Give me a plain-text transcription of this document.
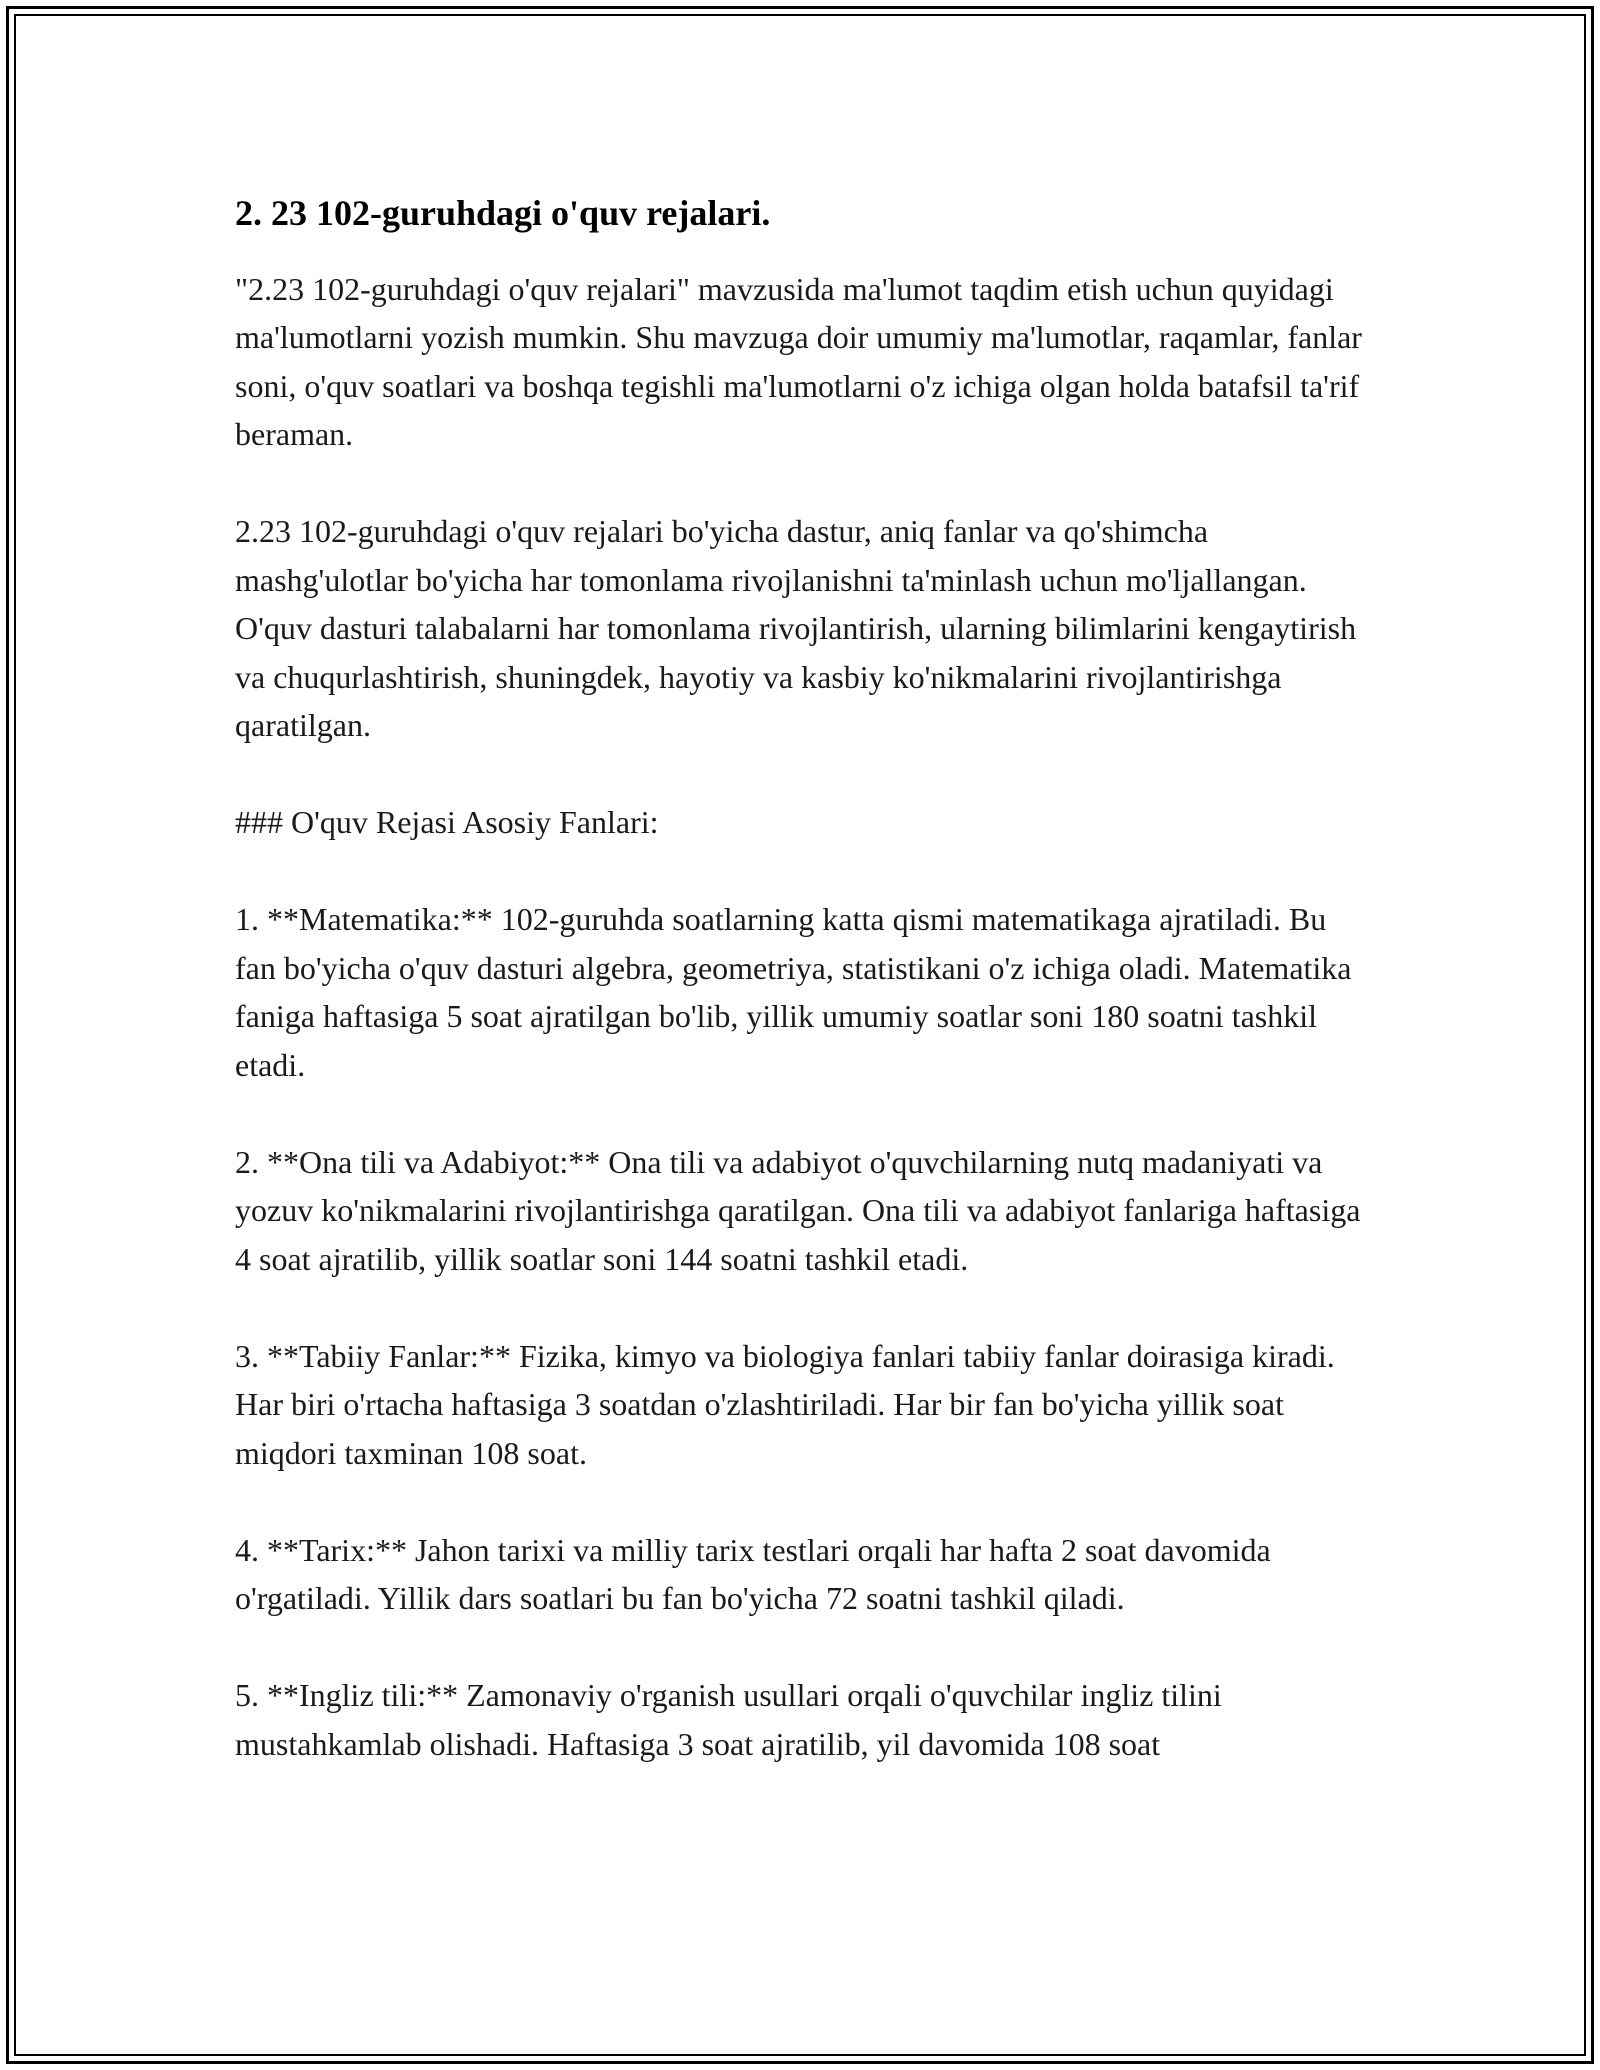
2. 23 102-guruhdagi o'quv rejalari.

"2.23 102-guruhdagi o'quv rejalari" mavzusida ma'lumot taqdim etish uchun quyidagi ma'lumotlarni yozish mumkin. Shu mavzuga doir umumiy ma'lumotlar, raqamlar, fanlar soni, o'quv soatlari va boshqa tegishli ma'lumotlarni o'z ichiga olgan holda batafsil ta'rif beraman.

2.23 102-guruhdagi o'quv rejalari bo'yicha dastur, aniq fanlar va qo'shimcha mashg'ulotlar bo'yicha har tomonlama rivojlanishni ta'minlash uchun mo'ljallangan. O'quv dasturi talabalarni har tomonlama rivojlantirish, ularning bilimlarini kengaytirish va chuqurlashtirish, shuningdek, hayotiy va kasbiy ko'nikmalarini rivojlantirishga qaratilgan.

### O'quv Rejasi Asosiy Fanlari:

1. **Matematika:** 102-guruhda soatlarning katta qismi matematikaga ajratiladi. Bu fan bo'yicha o'quv dasturi algebra, geometriya, statistikani o'z ichiga oladi. Matematika faniga haftasiga 5 soat ajratilgan bo'lib, yillik umumiy soatlar soni 180 soatni tashkil etadi.

2. **Ona tili va Adabiyot:** Ona tili va adabiyot o'quvchilarning nutq madaniyati va yozuv ko'nikmalarini rivojlantirishga qaratilgan. Ona tili va adabiyot fanlariga haftasiga 4 soat ajratilib, yillik soatlar soni 144 soatni tashkil etadi.

3. **Tabiiy Fanlar:** Fizika, kimyo va biologiya fanlari tabiiy fanlar doirasiga kiradi. Har biri o'rtacha haftasiga 3 soatdan o'zlashtiriladi. Har bir fan bo'yicha yillik soat miqdori taxminan 108 soat.

4. **Tarix:** Jahon tarixi va milliy tarix testlari orqali har hafta 2 soat davomida o'rgatiladi. Yillik dars soatlari bu fan bo'yicha 72 soatni tashkil qiladi.

5. **Ingliz tili:** Zamonaviy o'rganish usullari orqali o'quvchilar ingliz tilini mustahkamlab olishadi. Haftasiga 3 soat ajratilib, yil davomida 108 soat
